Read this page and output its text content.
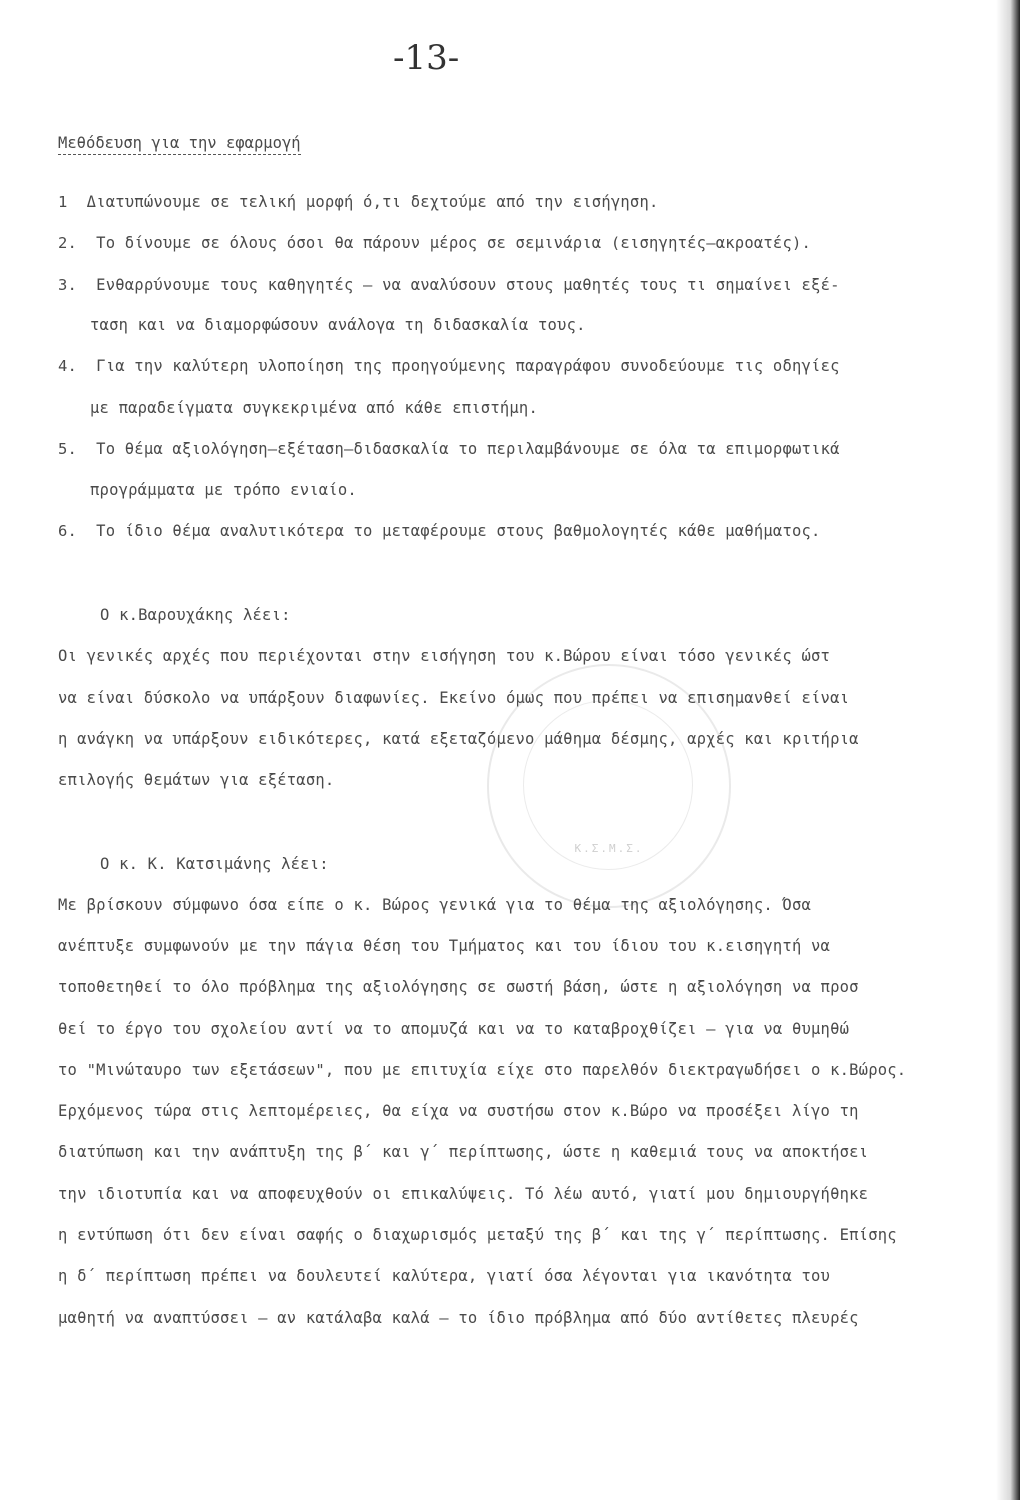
-13-
Μεθόδευση για την εφαρμογή
1 Διατυπώνουμε σε τελική μορφή ό,τι δεχτούμε από την εισήγηση.
2. Το δίνουμε σε όλους όσοι θα πάρουν μέρος σε σεμινάρια (εισηγητές–ακροατές).
3. Ενθαρρύνουμε τους καθηγητές – να αναλύσουν στους μαθητές τους τι σημαίνει εξέ-
ταση και να διαμορφώσουν ανάλογα τη διδασκαλία τους.
4. Για την καλύτερη υλοποίηση της προηγούμενης παραγράφου συνοδεύουμε τις οδηγίες
με παραδείγματα συγκεκριμένα από κάθε επιστήμη.
5. Το θέμα αξιολόγηση–εξέταση–διδασκαλία το περιλαμβάνουμε σε όλα τα επιμορφωτικά
προγράμματα με τρόπο ενιαίο.
6. Το ίδιο θέμα αναλυτικότερα το μεταφέρουμε στους βαθμολογητές κάθε μαθήματος.
Ο κ.Βαρουχάκης λέει:
Οι γενικές αρχές που περιέχονται στην εισήγηση του κ.Βώρου είναι τόσο γενικές ώστ
να είναι δύσκολο να υπάρξουν διαφωνίες. Εκείνο όμως που πρέπει να επισημανθεί είναι
η ανάγκη να υπάρξουν ειδικότερες, κατά εξεταζόμενο μάθημα δέσμης, αρχές και κριτήρια
επιλογής θεμάτων για εξέταση.
Κ.Σ.Μ.Σ.
Ο κ. Κ. Κατσιμάνης λέει:
Με βρίσκουν σύμφωνο όσα είπε ο κ. Βώρος γενικά για το θέμα της αξιολόγησης. Όσα
ανέπτυξε συμφωνούν με την πάγια θέση του Τμήματος και του ίδιου του κ.εισηγητή να
τοποθετηθεί το όλο πρόβλημα της αξιολόγησης σε σωστή βάση, ώστε η αξιολόγηση να προσ
θεί το έργο του σχολείου αντί να το απομυζά και να το καταβροχθίζει – για να θυμηθώ
το "Μινώταυρο των εξετάσεων", που με επιτυχία είχε στο παρελθόν διεκτραγωδήσει ο κ.Βώρος.
Ερχόμενος τώρα στις λεπτομέρειες, θα είχα να συστήσω στον κ.Βώρο να προσέξει λίγο τη
διατύπωση και την ανάπτυξη της β΄ και γ΄ περίπτωσης, ώστε η καθεμιά τους να αποκτήσει
την ιδιοτυπία και να αποφευχθούν οι επικαλύψεις. Τό λέω αυτό, γιατί μου δημιουργήθηκε
η εντύπωση ότι δεν είναι σαφής ο διαχωρισμός μεταξύ της β΄ και της γ΄ περίπτωσης. Επίσης
η δ΄ περίπτωση πρέπει να δουλευτεί καλύτερα, γιατί όσα λέγονται για ικανότητα του
μαθητή να αναπτύσσει – αν κατάλαβα καλά – το ίδιο πρόβλημα από δύο αντίθετες πλευρές
